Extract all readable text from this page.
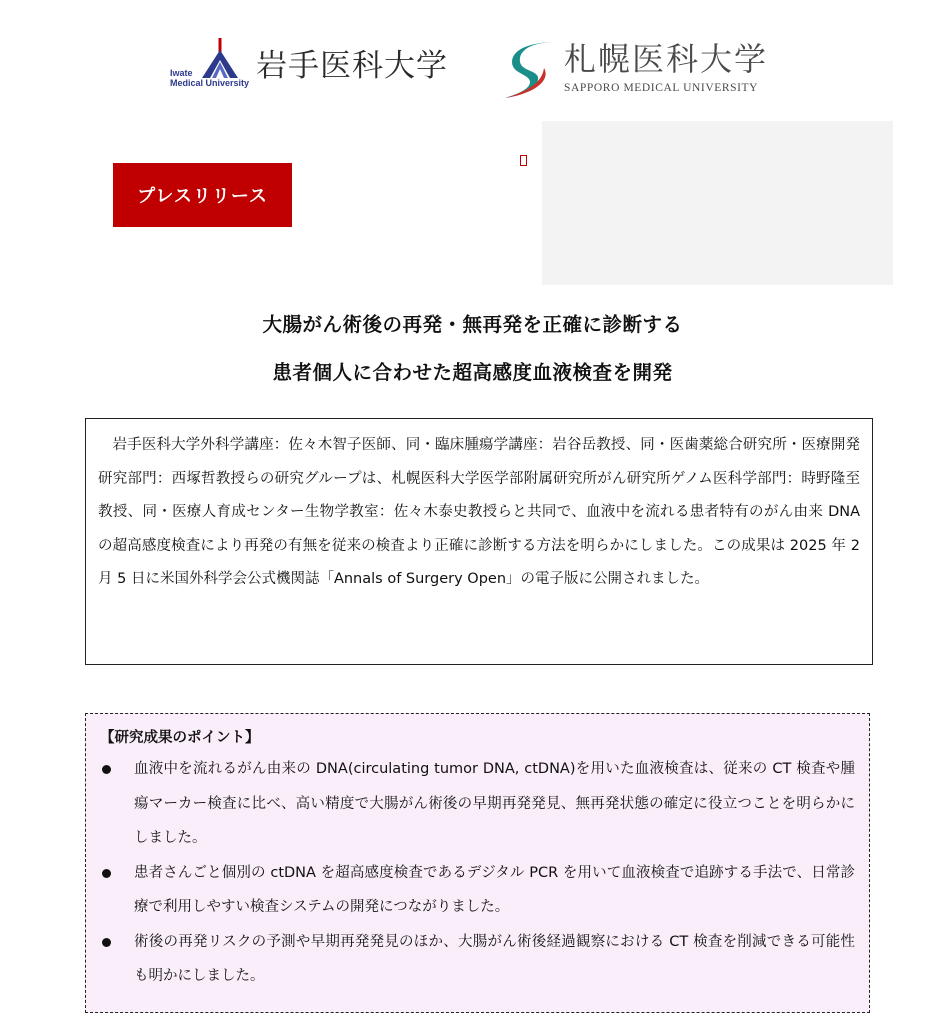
Iwate
Medical University 岩手医科大学	札幌医科大学
SAPPORO MEDICAL UNIVERSITY
プレスリリース
大腸がん術後の再発・無再発を正確に診断する
患者個人に合わせた超高感度血液検査を開発

岩手医科大学外科学講座：佐々木智子医師、同・臨床腫瘍学講座：岩谷岳教授、同・医歯薬総合研究所・医療開発研究部門：西塚哲教授らの研究グループは、札幌医科大学医学部附属研究所がん研究所ゲノム医科学部門：時野隆至教授、同・医療人育成センター生物学教室：佐々木泰史教授らと共同で、血液中を流れる患者特有のがん由来 DNA の超高感度検査により再発の有無を従来の検査より正確に診断する方法を明らかにしました。この成果は 2025 年 2 月 5 日に米国外科学会公式機関誌「Annals of Surgery Open」の電子版に公開されました。

【研究成果のポイント】
血液中を流れるがん由来の DNA(circulating tumor DNA, ctDNA)を用いた血液検査は、従来の CT 検査や腫瘍マーカー検査に比べ、高い精度で大腸がん術後の早期再発発見、無再発状態の確定に役立つことを明らかにしました。
患者さんごと個別の ctDNA を超高感度検査であるデジタル PCR を用いて血液検査で追跡する手法で、日常診療で利用しやすい検査システムの開発につながりました。
術後の再発リスクの予測や早期再発発見のほか、大腸がん術後経過観察における CT 検査を削減できる可能性も明かにしました。
